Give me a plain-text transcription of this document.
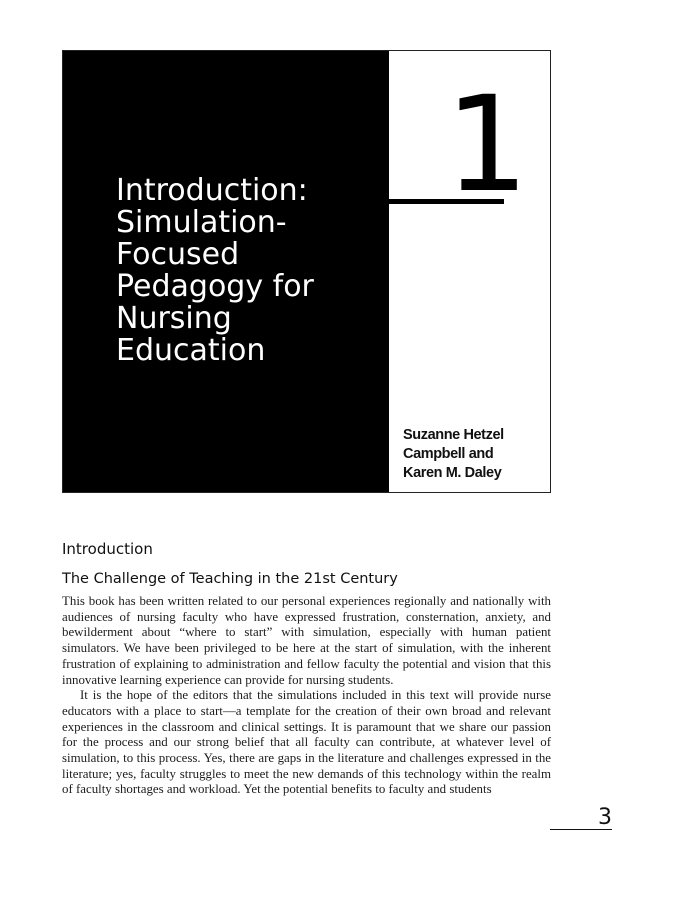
Introduction:
Simulation-
Focused
Pedagogy for
Nursing
Education
1
Suzanne Hetzel
Campbell and
Karen M. Daley
Introduction
The Challenge of Teaching in the 21st Century

This book has been written related to our personal experiences regionally and nationally with audiences of nursing faculty who have expressed frustration, consternation, anxiety, and bewilderment about “where to start” with simulation, especially with human patient simulators. We have been privileged to be here at the start of simulation, with the inherent frustration of explaining to administration and fellow faculty the potential and vision that this innovative learning experience can provide for nursing students.

It is the hope of the editors that the simulations included in this text will provide nurse educators with a place to start—a template for the creation of their own broad and relevant experiences in the classroom and clinical settings. It is paramount that we share our passion for the process and our strong belief that all faculty can contribute, at whatever level of simulation, to this process. Yes, there are gaps in the literature and challenges expressed in the literature; yes, faculty struggles to meet the new demands of this technology within the realm of faculty shortages and workload. Yet the potential benefits to faculty and students

3
